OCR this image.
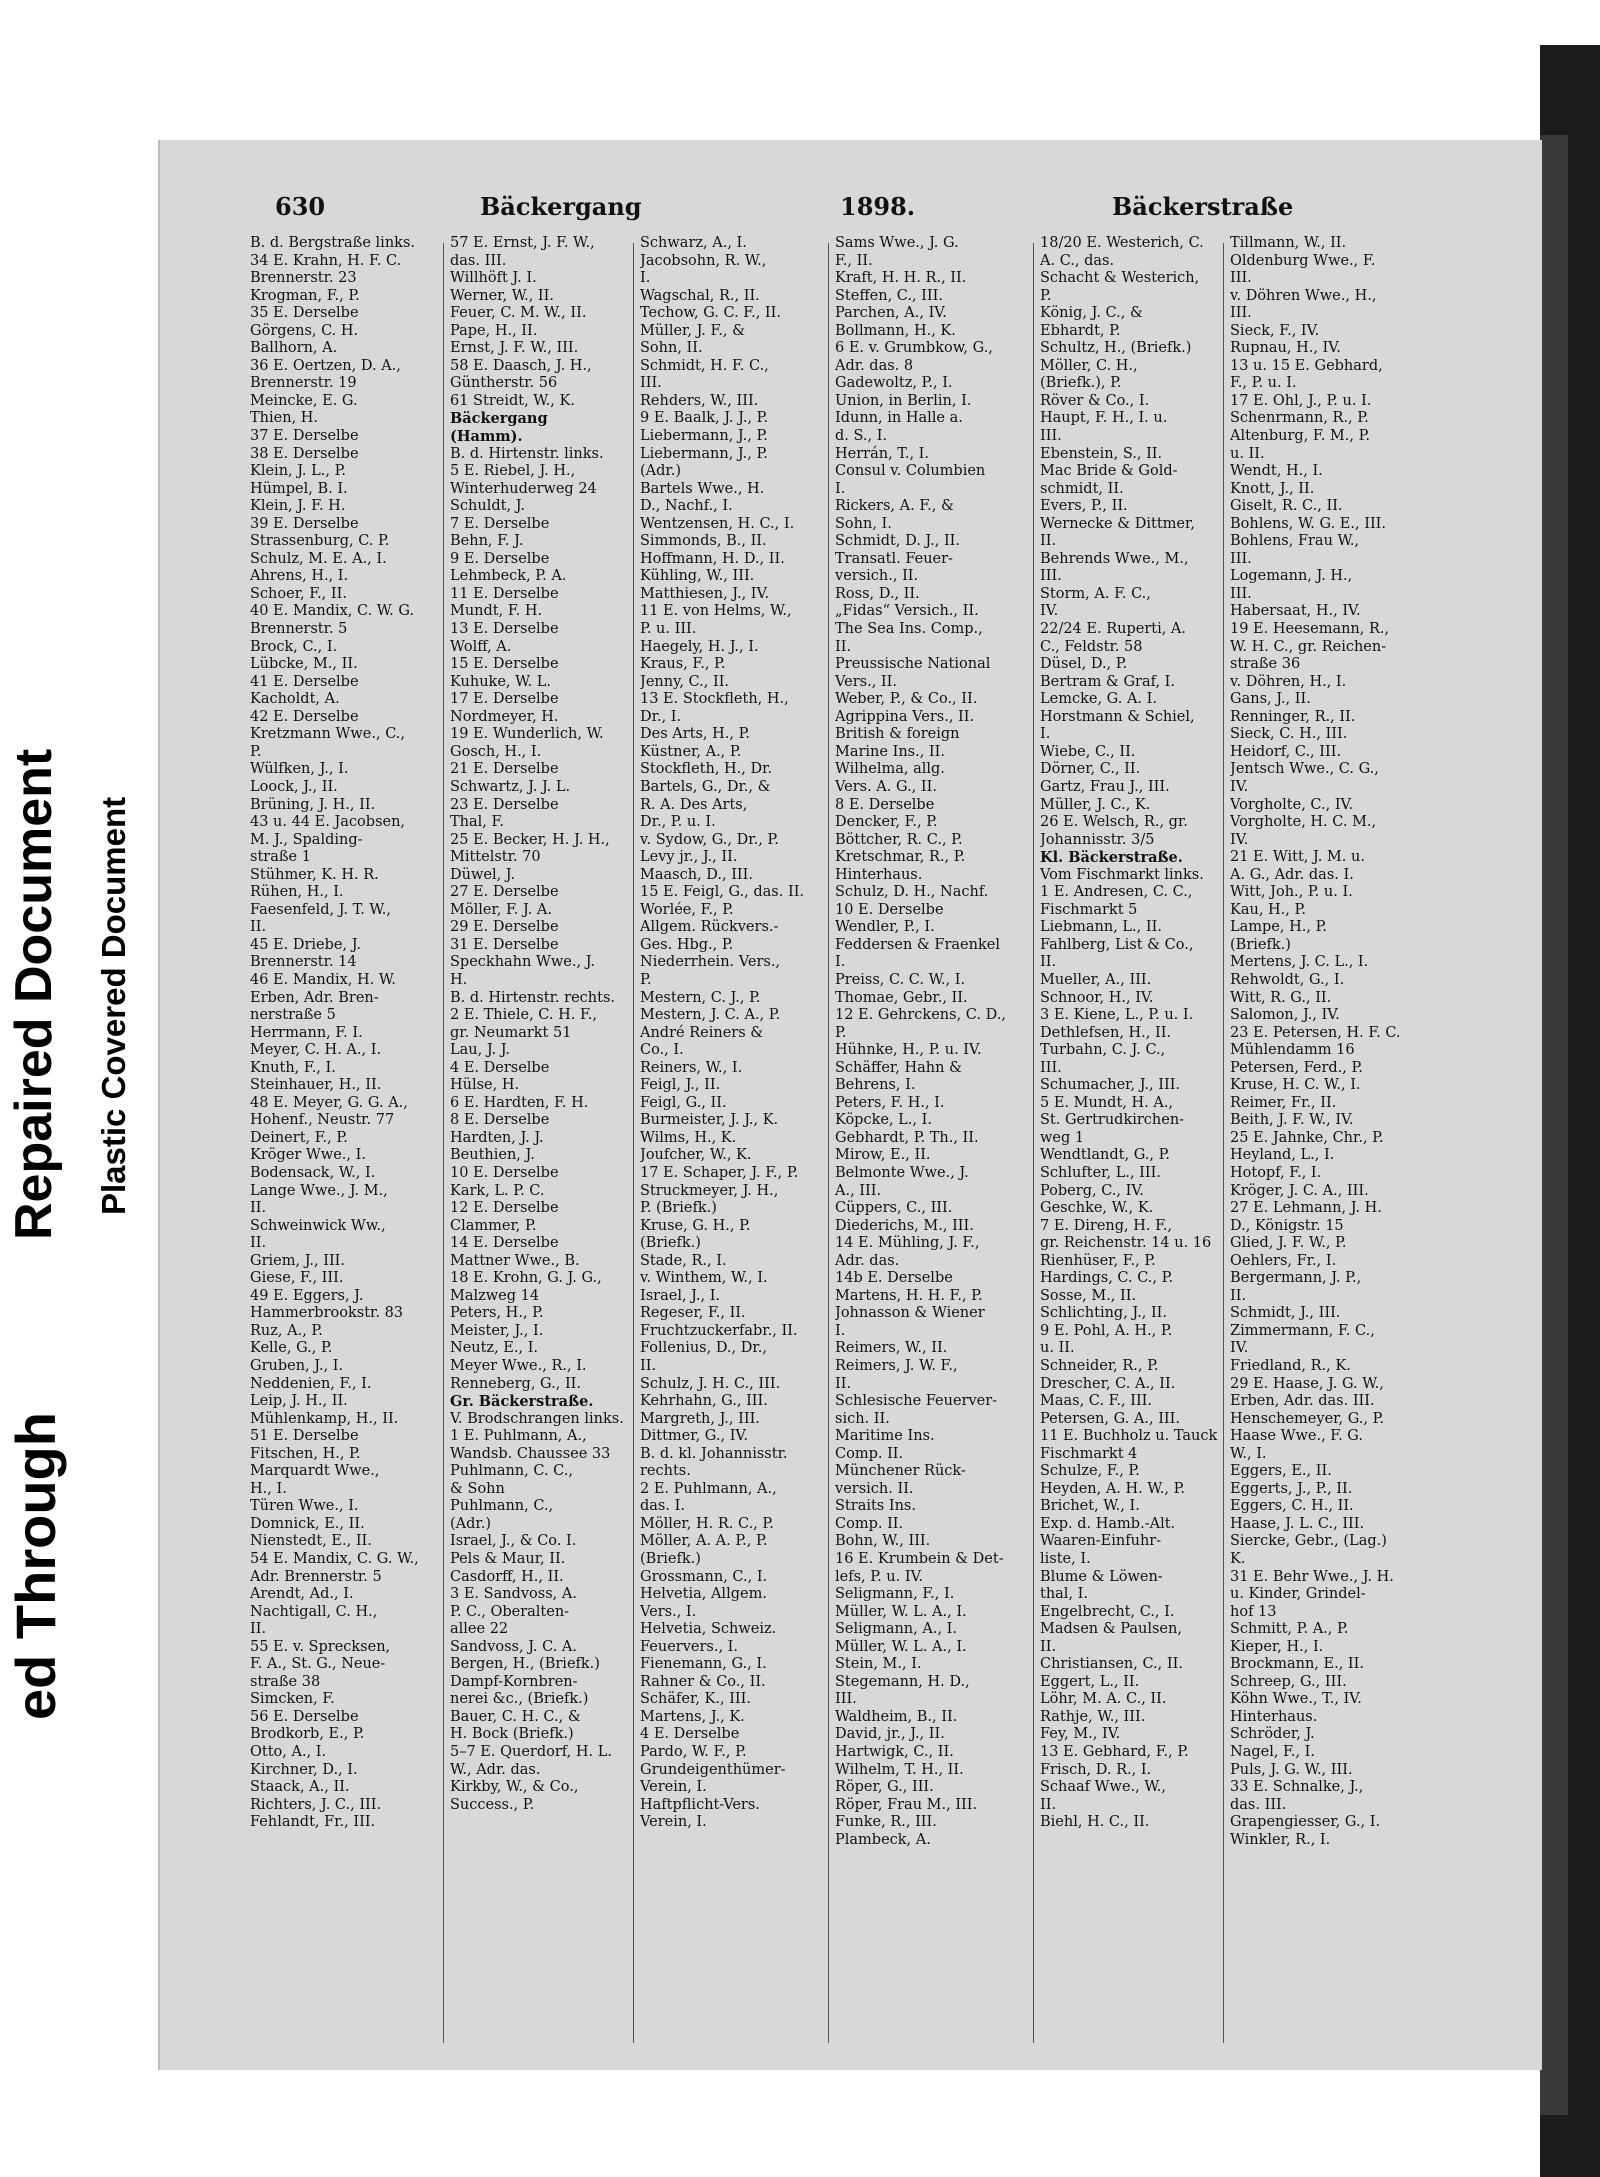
ed Through
Repaired Document Plastic Covered Document
630	Bäckergang	1898.	Bäckerstraße
B. d. Bergstraße links.
34 E. Krahn, H. F. C.
Brennerstr. 23
Krogman, F., P.
35 E. Derselbe
Görgens, C. H.
Ballhorn, A.
36 E. Oertzen, D. A.,
Brennerstr. 19
Meincke, E. G.
Thien, H.
37 E. Derselbe
38 E. Derselbe
Klein, J. L., P.
Hümpel, B. I.
Klein, J. F. H.
39 E. Derselbe
Strassenburg, C. P.
Schulz, M. E. A., I.
Ahrens, H., I.
Schoer, F., II.
40 E. Mandix, C. W. G.
Brennerstr. 5
Brock, C., I.
Lübcke, M., II.
41 E. Derselbe
Kacholdt, A.
42 E. Derselbe
Kretzmann Wwe., C.,
P.
Wülfken, J., I.
Loock, J., II.
Brüning, J. H., II.
43 u. 44 E. Jacobsen,
M. J., Spalding-
straße 1
Stühmer, K. H. R.
Rühen, H., I.
Faesenfeld, J. T. W.,
II.
45 E. Driebe, J.
Brennerstr. 14
46 E. Mandix, H. W.
Erben, Adr. Bren-
nerstraße 5
Herrmann, F. I.
Meyer, C. H. A., I.
Knuth, F., I.
Steinhauer, H., II.
48 E. Meyer, G. G. A.,
Hohenf., Neustr. 77
Deinert, F., P.
Kröger Wwe., I.
Bodensack, W., I.
Lange Wwe., J. M.,
II.
Schweinwick Ww.,
II.
Griem, J., III.
Giese, F., III.
49 E. Eggers, J.
Hammerbrookstr. 83
Ruz, A., P.
Kelle, G., P.
Gruben, J., I.
Neddenien, F., I.
Leip, J. H., II.
Mühlenkamp, H., II.
51 E. Derselbe
Fitschen, H., P.
Marquardt Wwe.,
H., I.
Türen Wwe., I.
Domnick, E., II.
Nienstedt, E., II.
54 E. Mandix, C. G. W.,
Adr. Brennerstr. 5
Arendt, Ad., I.
Nachtigall, C. H.,
II.
55 E. v. Sprecksen,
F. A., St. G., Neue-
straße 38
Simcken, F.
56 E. Derselbe
Brodkorb, E., P.
Otto, A., I.
Kirchner, D., I.
Staack, A., II.
Richters, J. C., III.
Fehlandt, Fr., III.
57 E. Ernst, J. F. W.,
das. III.
Willhöft J. I.
Werner, W., II.
Feuer, C. M. W., II.
Pape, H., II.
Ernst, J. F. W., III.
58 E. Daasch, J. H.,
Güntherstr. 56
61 Streidt, W., K.
Bäckergang
(Hamm).
B. d. Hirtenstr. links.
5 E. Riebel, J. H.,
Winterhuderweg 24
Schuldt, J.
7 E. Derselbe
Behn, F. J.
9 E. Derselbe
Lehmbeck, P. A.
11 E. Derselbe
Mundt, F. H.
13 E. Derselbe
Wolff, A.
15 E. Derselbe
Kuhuke, W. L.
17 E. Derselbe
Nordmeyer, H.
19 E. Wunderlich, W.
Gosch, H., I.
21 E. Derselbe
Schwartz, J. J. L.
23 E. Derselbe
Thal, F.
25 E. Becker, H. J. H.,
Mittelstr. 70
Düwel, J.
27 E. Derselbe
Möller, F. J. A.
29 E. Derselbe
31 E. Derselbe
Speckhahn Wwe., J.
H.
B. d. Hirtenstr. rechts.
2 E. Thiele, C. H. F.,
gr. Neumarkt 51
Lau, J. J.
4 E. Derselbe
Hülse, H.
6 E. Hardten, F. H.
8 E. Derselbe
Hardten, J. J.
Beuthien, J.
10 E. Derselbe
Kark, L. P. C.
12 E. Derselbe
Clammer, P.
14 E. Derselbe
Mattner Wwe., B.
18 E. Krohn, G. J. G.,
Malzweg 14
Peters, H., P.
Meister, J., I.
Neutz, E., I.
Meyer Wwe., R., I.
Renneberg, G., II.
Gr. Bäckerstraße.
V. Brodschrangen links.
1 E. Puhlmann, A.,
Wandsb. Chaussee 33
Puhlmann, C. C.,
& Sohn
Puhlmann, C.,
(Adr.)
Israel, J., & Co. I.
Pels & Maur, II.
Casdorff, H., II.
3 E. Sandvoss, A.
P. C., Oberalten-
allee 22
Sandvoss, J. C. A.
Bergen, H., (Briefk.)
Dampf-Kornbren-
nerei &c., (Briefk.)
Bauer, C. H. C., &
H. Bock (Briefk.)
5–7 E. Querdorf, H. L.
W., Adr. das.
Kirkby, W., & Co.,
Success., P.
Schwarz, A., I.
Jacobsohn, R. W.,
I.
Wagschal, R., II.
Techow, G. C. F., II.
Müller, J. F., &
Sohn, II.
Schmidt, H. F. C.,
III.
Rehders, W., III.
9 E. Baalk, J. J., P.
Liebermann, J., P.
Liebermann, J., P.
(Adr.)
Bartels Wwe., H.
D., Nachf., I.
Wentzensen, H. C., I.
Simmonds, B., II.
Hoffmann, H. D., II.
Kühling, W., III.
Matthiesen, J., IV.
11 E. von Helms, W.,
P. u. III.
Haegely, H. J., I.
Kraus, F., P.
Jenny, C., II.
13 E. Stockfleth, H.,
Dr., I.
Des Arts, H., P.
Küstner, A., P.
Stockfleth, H., Dr.
Bartels, G., Dr., &
R. A. Des Arts,
Dr., P. u. I.
v. Sydow, G., Dr., P.
Levy jr., J., II.
Maasch, D., III.
15 E. Feigl, G., das. II.
Worlée, F., P.
Allgem. Rückvers.-
Ges. Hbg., P.
Niederrhein. Vers.,
P.
Mestern, C. J., P.
Mestern, J. C. A., P.
André Reiners &
Co., I.
Reiners, W., I.
Feigl, J., II.
Feigl, G., II.
Burmeister, J. J., K.
Wilms, H., K.
Joufcher, W., K.
17 E. Schaper, J. F., P.
Struckmeyer, J. H.,
P. (Briefk.)
Kruse, G. H., P.
(Briefk.)
Stade, R., I.
v. Winthem, W., I.
Israel, J., I.
Regeser, F., II.
Fruchtzuckerfabr., II.
Follenius, D., Dr.,
II.
Schulz, J. H. C., III.
Kehrhahn, G., III.
Margreth, J., III.
Dittmer, G., IV.
B. d. kl. Johannisstr.
rechts.
2 E. Puhlmann, A.,
das. I.
Möller, H. R. C., P.
Möller, A. A. P., P.
(Briefk.)
Grossmann, C., I.
Helvetia, Allgem.
Vers., I.
Helvetia, Schweiz.
Feuervers., I.
Fienemann, G., I.
Rahner & Co., II.
Schäfer, K., III.
Martens, J., K.
4 E. Derselbe
Pardo, W. F., P.
Grundeigenthümer-
Verein, I.
Haftpflicht-Vers.
Verein, I.
Sams Wwe., J. G.
F., II.
Kraft, H. H. R., II.
Steffen, C., III.
Parchen, A., IV.
Bollmann, H., K.
6 E. v. Grumbkow, G.,
Adr. das. 8
Gadewoltz, P., I.
Union, in Berlin, I.
Idunn, in Halle a.
d. S., I.
Herrán, T., I.
Consul v. Columbien
I.
Rickers, A. F., &
Sohn, I.
Schmidt, D. J., II.
Transatl. Feuer-
versich., II.
Ross, D., II.
„Fidas“ Versich., II.
The Sea Ins. Comp.,
II.
Preussische National
Vers., II.
Weber, P., & Co., II.
Agrippina Vers., II.
British & foreign
Marine Ins., II.
Wilhelma, allg.
Vers. A. G., II.
8 E. Derselbe
Dencker, F., P.
Böttcher, R. C., P.
Kretschmar, R., P.
Hinterhaus.
Schulz, D. H., Nachf.
10 E. Derselbe
Wendler, P., I.
Feddersen & Fraenkel
I.
Preiss, C. C. W., I.
Thomae, Gebr., II.
12 E. Gehrckens, C. D.,
P.
Hühnke, H., P. u. IV.
Schäffer, Hahn &
Behrens, I.
Peters, F. H., I.
Köpcke, L., I.
Gebhardt, P. Th., II.
Mirow, E., II.
Belmonte Wwe., J.
A., III.
Cüppers, C., III.
Diederichs, M., III.
14 E. Mühling, J. F.,
Adr. das.
14b E. Derselbe
Martens, H. H. F., P.
Johnasson & Wiener
I.
Reimers, W., II.
Reimers, J. W. F.,
II.
Schlesische Feuerver-
sich. II.
Maritime Ins.
Comp. II.
Münchener Rück-
versich. II.
Straits Ins.
Comp. II.
Bohn, W., III.
16 E. Krumbein & Det-
lefs, P. u. IV.
Seligmann, F., I.
Müller, W. L. A., I.
Seligmann, A., I.
Müller, W. L. A., I.
Stein, M., I.
Stegemann, H. D.,
III.
Waldheim, B., II.
David, jr., J., II.
Hartwigk, C., II.
Wilhelm, T. H., II.
Röper, G., III.
Röper, Frau M., III.
Funke, R., III.
Plambeck, A.
18/20 E. Westerich, C.
A. C., das.
Schacht & Westerich,
P.
König, J. C., &
Ebhardt, P.
Schultz, H., (Briefk.)
Möller, C. H.,
(Briefk.), P.
Röver & Co., I.
Haupt, F. H., I. u.
III.
Ebenstein, S., II.
Mac Bride & Gold-
schmidt, II.
Evers, P., II.
Wernecke & Dittmer,
II.
Behrends Wwe., M.,
III.
Storm, A. F. C.,
IV.
22/24 E. Ruperti, A.
C., Feldstr. 58
Düsel, D., P.
Bertram & Graf, I.
Lemcke, G. A. I.
Horstmann & Schiel,
I.
Wiebe, C., II.
Dörner, C., II.
Gartz, Frau J., III.
Müller, J. C., K.
26 E. Welsch, R., gr.
Johannisstr. 3/5
Kl. Bäckerstraße.
Vom Fischmarkt links.
1 E. Andresen, C. C.,
Fischmarkt 5
Liebmann, L., II.
Fahlberg, List & Co.,
II.
Mueller, A., III.
Schnoor, H., IV.
3 E. Kiene, L., P. u. I.
Dethlefsen, H., II.
Turbahn, C. J. C.,
III.
Schumacher, J., III.
5 E. Mundt, H. A.,
St. Gertrudkirchen-
weg 1
Wendtlandt, G., P.
Schlufter, L., III.
Poberg, C., IV.
Geschke, W., K.
7 E. Direng, H. F.,
gr. Reichenstr. 14 u. 16
Rienhüser, F., P.
Hardings, C. C., P.
Sosse, M., II.
Schlichting, J., II.
9 E. Pohl, A. H., P.
u. II.
Schneider, R., P.
Drescher, C. A., II.
Maas, C. F., III.
Petersen, G. A., III.
11 E. Buchholz u. Tauck
Fischmarkt 4
Schulze, F., P.
Heyden, A. H. W., P.
Brichet, W., I.
Exp. d. Hamb.-Alt.
Waaren-Einfuhr-
liste, I.
Blume & Löwen-
thal, I.
Engelbrecht, C., I.
Madsen & Paulsen,
II.
Christiansen, C., II.
Eggert, L., II.
Löhr, M. A. C., II.
Rathje, W., III.
Fey, M., IV.
13 E. Gebhard, F., P.
Frisch, D. R., I.
Schaaf Wwe., W.,
II.
Biehl, H. C., II.
Tillmann, W., II.
Oldenburg Wwe., F.
III.
v. Döhren Wwe., H.,
III.
Sieck, F., IV.
Rupnau, H., IV.
13 u. 15 E. Gebhard,
F., P. u. I.
17 E. Ohl, J., P. u. I.
Schenrmann, R., P.
Altenburg, F. M., P.
u. II.
Wendt, H., I.
Knott, J., II.
Giselt, R. C., II.
Bohlens, W. G. E., III.
Bohlens, Frau W.,
III.
Logemann, J. H.,
III.
Habersaat, H., IV.
19 E. Heesemann, R.,
W. H. C., gr. Reichen-
straße 36
v. Döhren, H., I.
Gans, J., II.
Renninger, R., II.
Sieck, C. H., III.
Heidorf, C., III.
Jentsch Wwe., C. G.,
IV.
Vorgholte, C., IV.
Vorgholte, H. C. M.,
IV.
21 E. Witt, J. M. u.
A. G., Adr. das. I.
Witt, Joh., P. u. I.
Kau, H., P.
Lampe, H., P.
(Briefk.)
Mertens, J. C. L., I.
Rehwoldt, G., I.
Witt, R. G., II.
Salomon, J., IV.
23 E. Petersen, H. F. C.
Mühlendamm 16
Petersen, Ferd., P.
Kruse, H. C. W., I.
Reimer, Fr., II.
Beith, J. F. W., IV.
25 E. Jahnke, Chr., P.
Heyland, L., I.
Hotopf, F., I.
Kröger, J. C. A., III.
27 E. Lehmann, J. H.
D., Königstr. 15
Glied, J. F. W., P.
Oehlers, Fr., I.
Bergermann, J. P.,
II.
Schmidt, J., III.
Zimmermann, F. C.,
IV.
Friedland, R., K.
29 E. Haase, J. G. W.,
Erben, Adr. das. III.
Henschemeyer, G., P.
Haase Wwe., F. G.
W., I.
Eggers, E., II.
Eggerts, J., P., II.
Eggers, C. H., II.
Haase, J. L. C., III.
Siercke, Gebr., (Lag.)
K.
31 E. Behr Wwe., J. H.
u. Kinder, Grindel-
hof 13
Schmitt, P. A., P.
Kieper, H., I.
Brockmann, E., II.
Schreep, G., III.
Köhn Wwe., T., IV.
Hinterhaus.
Schröder, J.
Nagel, F., I.
Puls, J. G. W., III.
33 E. Schnalke, J.,
das. III.
Grapengiesser, G., I.
Winkler, R., I.
